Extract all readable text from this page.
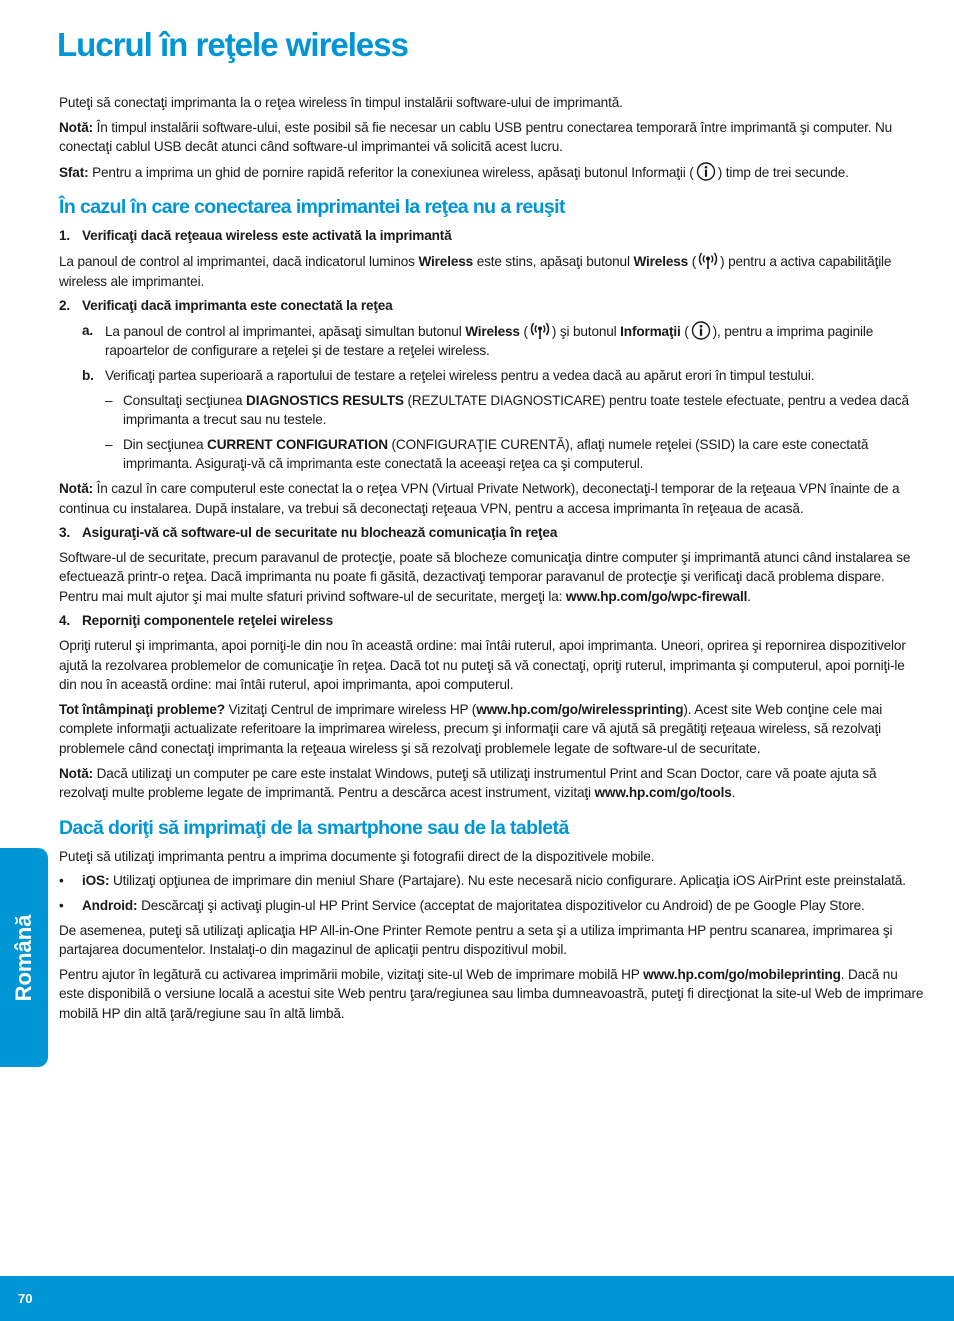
Lucrul în reţele wireless

Puteţi să conectaţi imprimanta la o reţea wireless în timpul instalării software-ului de imprimantă.

Notă: În timpul instalării software-ului, este posibil să fie necesar un cablu USB pentru conectarea temporară între imprimantă şi computer. Nu conectaţi cablul USB decât atunci când software-ul imprimantei vă solicită acest lucru.

Sfat: Pentru a imprima un ghid de pornire rapidă referitor la conexiunea wireless, apăsaţi butonul Informaţii ( ) timp de trei secunde.

În cazul în care conectarea imprimantei la reţea nu a reuşit
1. Verificaţi dacă reţeaua wireless este activată la imprimantă

La panoul de control al imprimantei, dacă indicatorul luminos Wireless este stins, apăsaţi butonul Wireless ( ) pentru a activa capabilităţile wireless ale imprimantei.

2. Verificaţi dacă imprimanta este conectată la reţea
a. La panoul de control al imprimantei, apăsaţi simultan butonul Wireless ( ) şi butonul Informaţii ( ), pentru a imprima paginile rapoartelor de configurare a reţelei şi de testare a reţelei wireless.
b. Verificaţi partea superioară a raportului de testare a reţelei wireless pentru a vedea dacă au apărut erori în timpul testului.
– Consultaţi secţiunea DIAGNOSTICS RESULTS (REZULTATE DIAGNOSTICARE) pentru toate testele efectuate, pentru a vedea dacă imprimanta a trecut sau nu testele.
– Din secţiunea CURRENT CONFIGURATION (CONFIGURAŢIE CURENTĂ), aflaţi numele reţelei (SSID) la care este conectată imprimanta. Asiguraţi-vă că imprimanta este conectată la aceeaşi reţea ca şi computerul.

Notă: În cazul în care computerul este conectat la o reţea VPN (Virtual Private Network), deconectaţi-l temporar de la reţeaua VPN înainte de a continua cu instalarea. După instalare, va trebui să deconectaţi reţeaua VPN, pentru a accesa imprimanta în reţeaua de acasă.

3. Asiguraţi-vă că software-ul de securitate nu blochează comunicaţia în reţea

Software-ul de securitate, precum paravanul de protecţie, poate să blocheze comunicaţia dintre computer şi imprimantă atunci când instalarea se efectuează printr-o reţea. Dacă imprimanta nu poate fi găsită, dezactivaţi temporar paravanul de protecţie şi verificaţi dacă problema dispare. Pentru mai mult ajutor şi mai multe sfaturi privind software-ul de securitate, mergeţi la: www.hp.com/go/wpc-firewall.

4. Reporniţi componentele reţelei wireless

Opriţi ruterul şi imprimanta, apoi porniţi-le din nou în această ordine: mai întâi ruterul, apoi imprimanta. Uneori, oprirea şi repornirea dispozitivelor ajută la rezolvarea problemelor de comunicaţie în reţea. Dacă tot nu puteţi să vă conectaţi, opriţi ruterul, imprimanta şi computerul, apoi porniţi-le din nou în această ordine: mai întâi ruterul, apoi imprimanta, apoi computerul.

Tot întâmpinaţi probleme? Vizitaţi Centrul de imprimare wireless HP (www.hp.com/go/wirelessprinting). Acest site Web conţine cele mai complete informaţii actualizate referitoare la imprimarea wireless, precum şi informaţii care vă ajută să pregătiţi reţeaua wireless, să rezolvaţi problemele când conectaţi imprimanta la reţeaua wireless şi să rezolvaţi problemele legate de software-ul de securitate.

Notă: Dacă utilizaţi un computer pe care este instalat Windows, puteţi să utilizaţi instrumentul Print and Scan Doctor, care vă poate ajuta să rezolvaţi multe probleme legate de imprimantă. Pentru a descărca acest instrument, vizitaţi www.hp.com/go/tools.

Dacă doriţi să imprimaţi de la smartphone sau de la tabletă

Puteţi să utilizaţi imprimanta pentru a imprima documente şi fotografii direct de la dispozitivele mobile.

•	iOS: Utilizaţi opţiunea de imprimare din meniul Share (Partajare). Nu este necesară nicio configurare. Aplicaţia iOS AirPrint este preinstalată.
•	Android: Descărcaţi şi activaţi plugin-ul HP Print Service (acceptat de majoritatea dispozitivelor cu Android) de pe Google Play Store.

De asemenea, puteţi să utilizaţi aplicaţia HP All-in-One Printer Remote pentru a seta şi a utiliza imprimanta HP pentru scanarea, imprimarea şi partajarea documentelor. Instalaţi-o din magazinul de aplicaţii pentru dispozitivul mobil.

Pentru ajutor în legătură cu activarea imprimării mobile, vizitaţi site-ul Web de imprimare mobilă HP www.hp.com/go/mobileprinting. Dacă nu este disponibilă o versiune locală a acestui site Web pentru ţara/regiunea sau limba dumneavoastră, puteţi fi direcţionat la site-ul Web de imprimare mobilă HP din altă ţară/regiune sau în altă limbă.

Română
70
